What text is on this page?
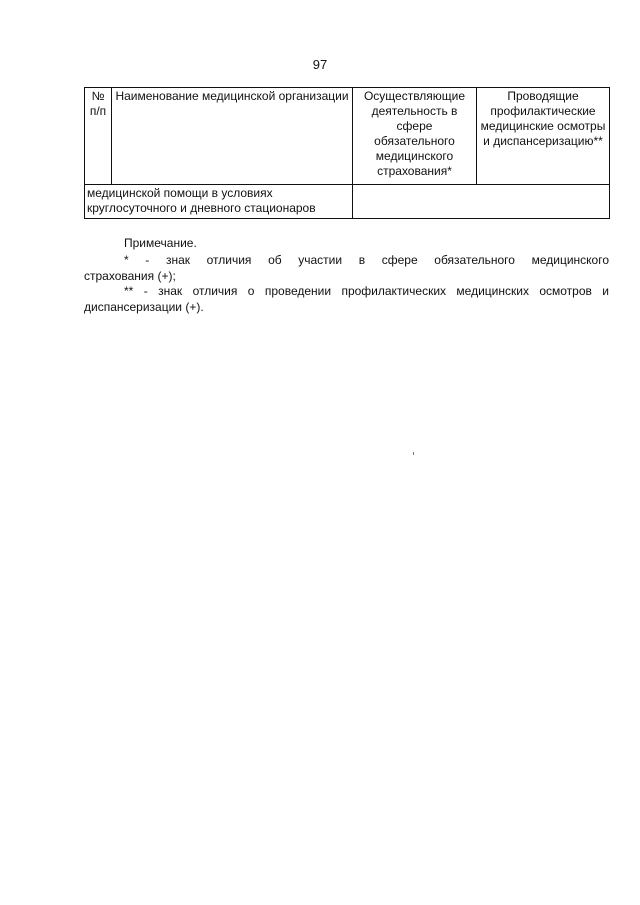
97
№ п/п	Наименование медицинской организации	Осуществляющие деятельность в сфере обязательного медицинского страхования*	Проводящие профилактические медицинские осмотры и диспансеризацию**
медицинской помощи в условиях круглосуточного и дневного стационаров			

Примечание.

* - знак отличия об участии в сфере обязательного медицинского
страхования (+);

** - знак отличия о проведении профилактических медицинских осмотров и диспансеризации (+).
